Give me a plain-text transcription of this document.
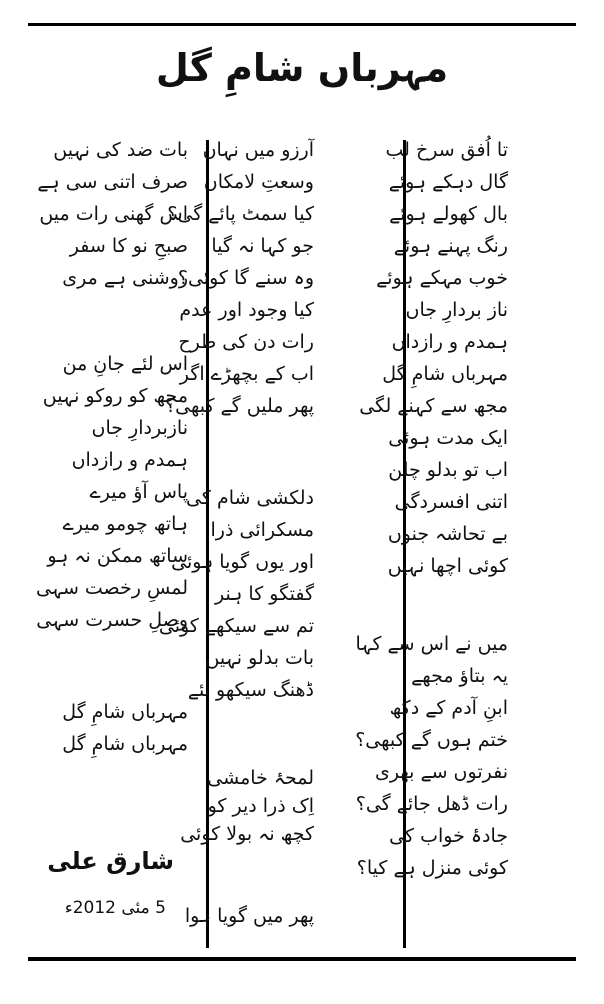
مہرباں شامِ گل
تا اُفق سرخ لب
گال دہکے ہوئے
بال کھولے ہوئے
رنگ پہنے ہوئے
خوب مہکے ہوئے
ناز بردارِ جاں
ہمدم و رازداں
مہرباں شامِ گل
مجھ سے کہنے لگی
ایک مدت ہوئی
اب تو بدلو چلن
اتنی افسردگی
بے تحاشہ جنوں
کوئی اچھا نہیں
میں نے اس سے کہا
یہ بتاؤ مجھے
ابنِ آدم کے دکھ
ختم ہوں گے کبھی؟
نفرتوں سے بھری
رات ڈھل جائے گی؟
جادۂ خواب کی
کوئی منزل ہے کیا؟
آرزو میں نہاں
وسعتِ لامکاں
کیا سمٹ پائے گی؟
جو کہا نہ گیا
وہ سنے گا کوئی؟
کیا وجود اور عدم
رات دن کی طرح
اب کے بچھڑے اگر
پھر ملیں گے کبھی؟
دلکشی شام کی
مسکرائی ذرا
اور یوں گویا ہوئی
گفتگو کا ہنر
تم سے سیکھے کوئی
بات بدلو نہیں
ڈھنگ سیکھو نئے
لمحۂ خامشی
اِک ذرا دیر کو
کچھ نہ بولا کوئی
پھر میں گویا ہوا
بات ضد کی نہیں
صرف اتنی سی ہے
اس گھنی رات میں
صبحِ نو کا سفر
روشنی ہے مری
اس لئے جانِ من
مجھ کو روکو نہیں
نازبردارِ جاں
ہمدم و رازداں
پاس آؤ میرے
ہاتھ چومو میرے
ساتھ ممکن نہ ہو
لمسِ رخصت سہی
وصلِ حسرت سہی
مہرباں شامِ گل
مہرباں شامِ گل
شارق علی
5 مئی 2012ء
